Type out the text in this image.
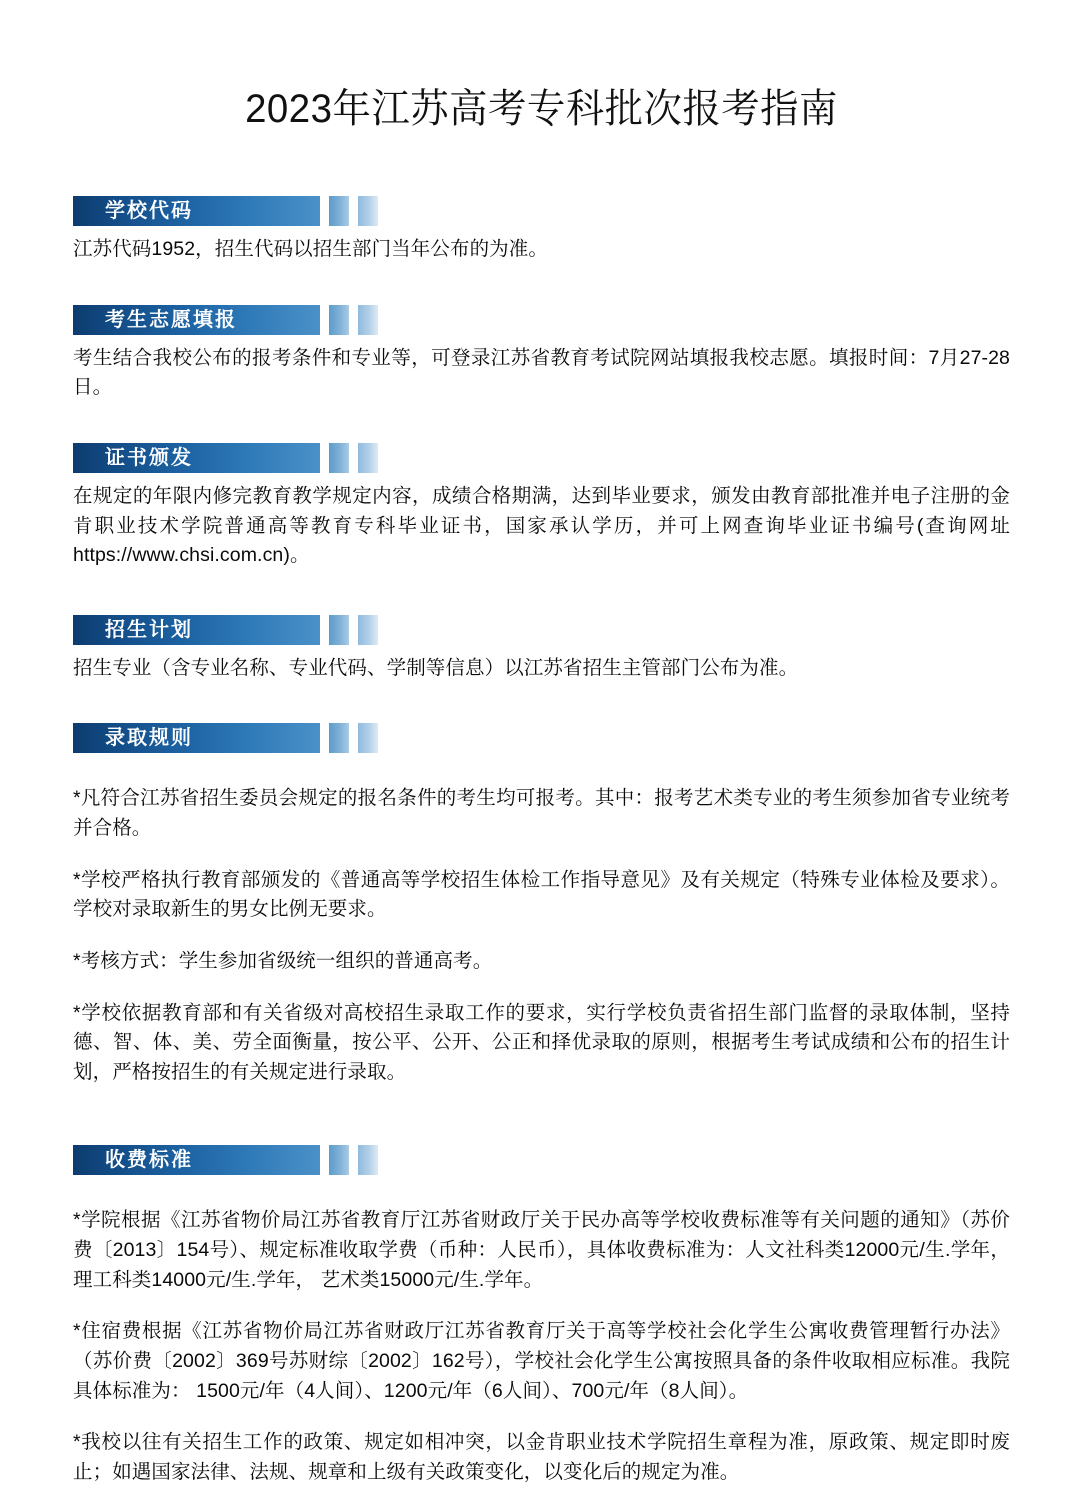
2023年江苏高考专科批次报考指南
学校代码

江苏代码1952，招生代码以招生部门当年公布的为准。

考生志愿填报

考生结合我校公布的报考条件和专业等，可登录江苏省教育考试院网站填报我校志愿。填报时间：7月27-28日。

证书颁发

在规定的年限内修完教育教学规定内容，成绩合格期满，达到毕业要求，颁发由教育部批准并电子注册的金肯职业技术学院普通高等教育专科毕业证书，国家承认学历，并可上网查询毕业证书编号(查询网址https://www.chsi.com.cn)。

招生计划

招生专业（含专业名称、专业代码、学制等信息）以江苏省招生主管部门公布为准。

录取规则

*凡符合江苏省招生委员会规定的报名条件的考生均可报考。其中：报考艺术类专业的考生须参加省专业统考并合格。

*学校严格执行教育部颁发的《普通高等学校招生体检工作指导意见》及有关规定（特殊专业体检及要求）。学校对录取新生的男女比例无要求。

*考核方式：学生参加省级统一组织的普通高考。

*学校依据教育部和有关省级对高校招生录取工作的要求，实行学校负责省招生部门监督的录取体制，坚持德、智、体、美、劳全面衡量，按公平、公开、公正和择优录取的原则，根据考生考试成绩和公布的招生计划，严格按招生的有关规定进行录取。

收费标准

*学院根据《江苏省物价局江苏省教育厅江苏省财政厅关于民办高等学校收费标准等有关问题的通知》（苏价费〔2013〕154号）、规定标准收取学费（币种：人民币），具体收费标准为：人文社科类12000元/生.学年， 理工科类14000元/生.学年， 艺术类15000元/生.学年。

*住宿费根据《江苏省物价局江苏省财政厅江苏省教育厅关于高等学校社会化学生公寓收费管理暂行办法》（苏价费〔2002〕369号苏财综〔2002〕162号），学校社会化学生公寓按照具备的条件收取相应标准。我院具体标准为： 1500元/年（4人间）、1200元/年（6人间）、700元/年（8人间）。

*我校以往有关招生工作的政策、规定如相冲突，以金肯职业技术学院招生章程为准，原政策、规定即时废止；如遇国家法律、法规、规章和上级有关政策变化，以变化后的规定为准。
